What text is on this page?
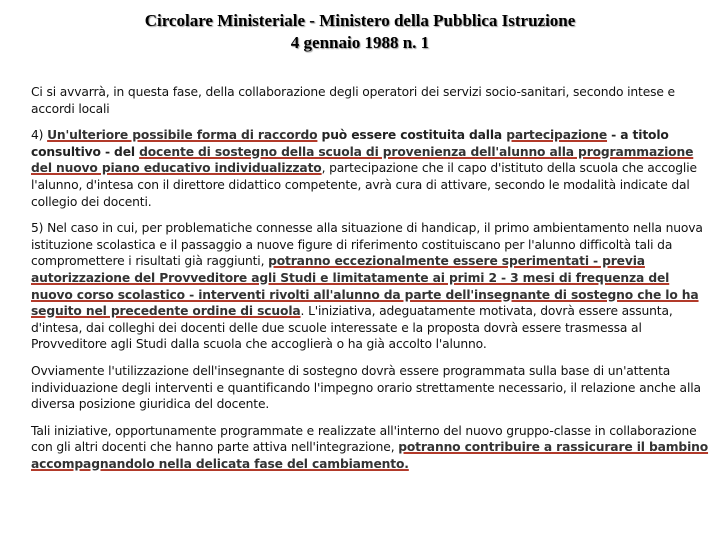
Circolare Ministeriale - Ministero della Pubblica Istruzione
4 gennaio 1988 n. 1

Ci si avvarrà, in questa fase, della collaborazione degli operatori dei servizi socio-sanitari, secondo intese e accordi locali

4) Un'ulteriore possibile forma di raccordo può essere costituita dalla partecipazione - a titolo consultivo - del docente di sostegno della scuola di provenienza dell'alunno alla programmazione del nuovo piano educativo individualizzato, partecipazione che il capo d'istituto della scuola che accoglie l'alunno, d'intesa con il direttore didattico competente, avrà cura di attivare, secondo le modalità indicate dal collegio dei docenti.

5) Nel caso in cui, per problematiche connesse alla situazione di handicap, il primo ambientamento nella nuova istituzione scolastica e il passaggio a nuove figure di riferimento costituiscano per l'alunno difficoltà tali da compromettere i risultati già raggiunti, potranno eccezionalmente essere sperimentati - previa autorizzazione del Provveditore agli Studi e limitatamente ai primi 2 - 3 mesi di frequenza del nuovo corso scolastico - interventi rivolti all'alunno da parte dell'insegnante di sostegno che lo ha seguito nel precedente ordine di scuola. L'iniziativa, adeguatamente motivata, dovrà essere assunta, d'intesa, dai colleghi dei docenti delle due scuole interessate e la proposta dovrà essere trasmessa al Provveditore agli Studi dalla scuola che accoglierà o ha già accolto l'alunno.

Ovviamente l'utilizzazione dell'insegnante di sostegno dovrà essere programmata sulla base di un'attenta individuazione degli interventi e quantificando l'impegno orario strettamente necessario, il relazione anche alla diversa posizione giuridica del docente.

Tali iniziative, opportunamente programmate e realizzate all'interno del nuovo gruppo-classe in collaborazione con gli altri docenti che hanno parte attiva nell'integrazione, potranno contribuire a rassicurare il bambino accompagnandolo nella delicata fase del cambiamento.
